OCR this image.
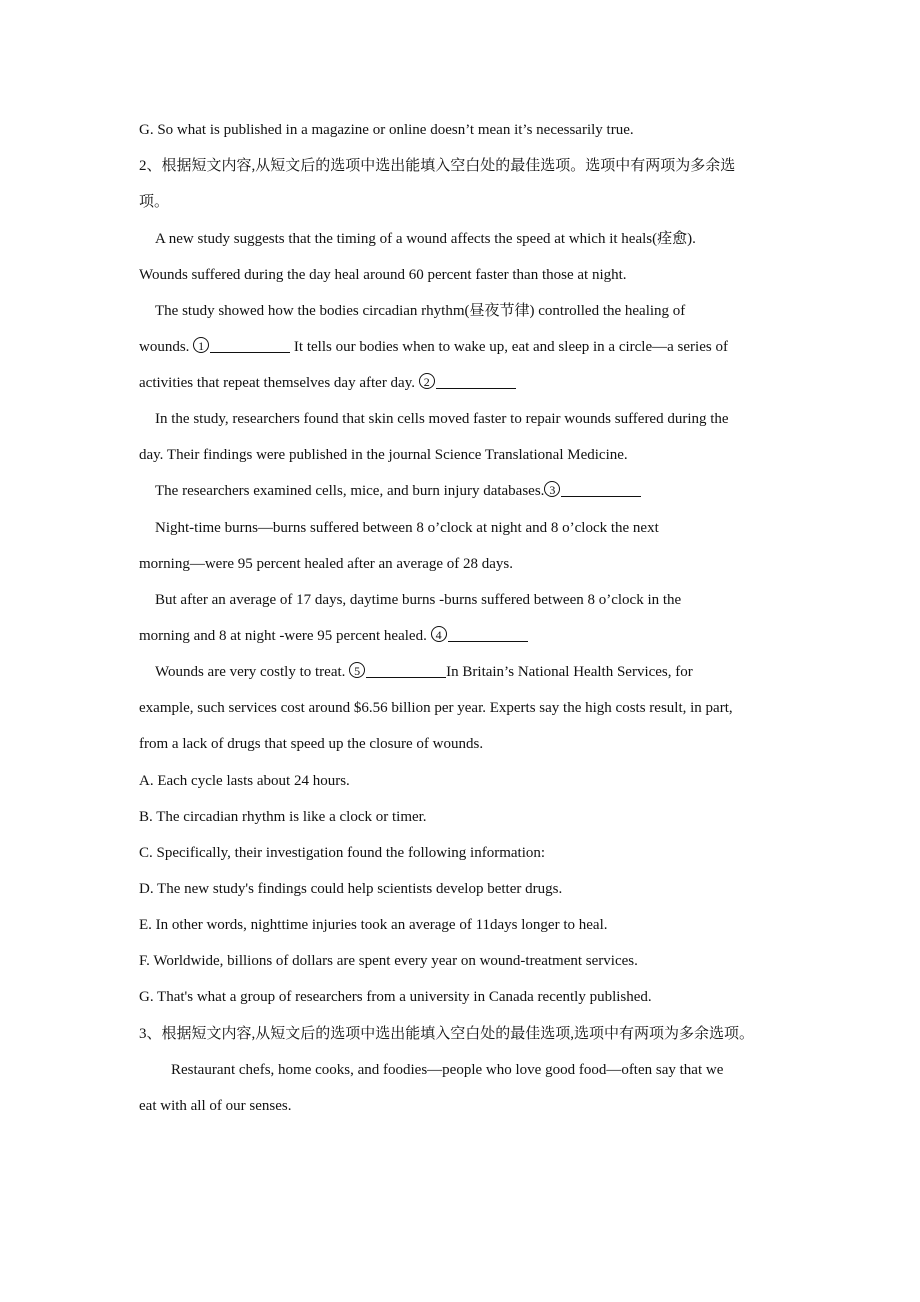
G. So what is published in a magazine or online doesn’t mean it’s necessarily true.
2、根据短文内容,从短文后的选项中选出能填入空白处的最佳选项。选项中有两项为多余选
项。
A new study suggests that the timing of a wound affects the speed at which it heals(痊愈).
Wounds suffered during the day heal around 60 percent faster than those at night.
The study showed how the bodies circadian rhythm(昼夜节律) controlled the healing of
wounds. 1	It tells our bodies when to wake up, eat and sleep in a circle—a series of
activities that repeat themselves day after day. 2
In the study, researchers found that skin cells moved faster to repair wounds suffered during the
day. Their findings were published in the journal Science Translational Medicine.
The researchers examined cells, mice, and burn injury databases. 3
Night-time burns—burns suffered between 8 o’clock at night and 8 o’clock the next
morning—were 95 percent healed after an average of 28 days.
But after an average of 17 days, daytime burns -burns suffered between 8 o’clock in the
morning and 8 at night -were 95 percent healed. 4
Wounds are very costly to treat. 5	In Britain’s National Health Services, for
example, such services cost around $6.56 billion per year. Experts say the high costs result, in part,
from a lack of drugs that speed up the closure of wounds.
A. Each cycle lasts about 24 hours.
B. The circadian rhythm is like a clock or timer.
C. Specifically, their investigation found the following information:
D. The new study's findings could help scientists develop better drugs.
E. In other words, nighttime injuries took an average of 11days longer to heal.
F. Worldwide, billions of dollars are spent every year on wound-treatment services.
G. That's what a group of researchers from a university in Canada recently published.
3、根据短文内容,从短文后的选项中选出能填入空白处的最佳选项,选项中有两项为多余选项。
Restaurant chefs, home cooks, and foodies—people who love good food—often say that we
eat with all of our senses.
